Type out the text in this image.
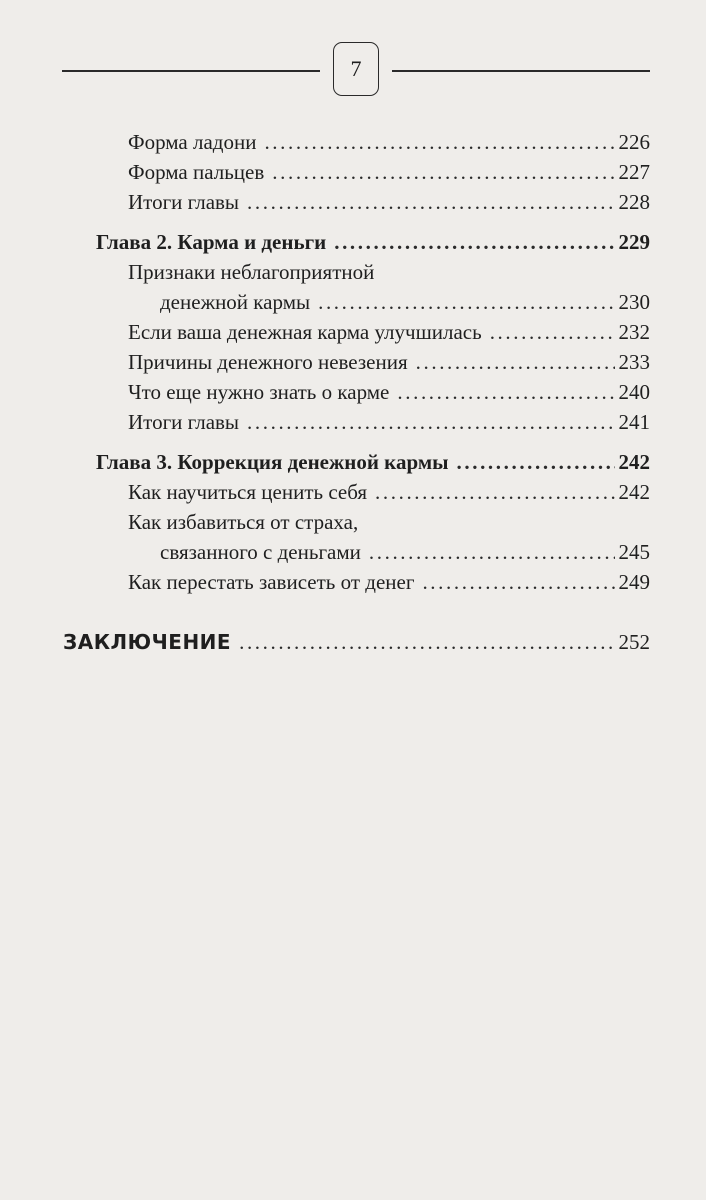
7
Форма ладони .....	226
Форма пальцев .....	227
Итоги главы .....	228
Глава 2. Карма и деньги .....	229
Признаки неблагоприятной
денежной кармы .....	230
Если ваша денежная карма улучшилась .....	232
Причины денежного невезения .....	233
Что еще нужно знать о карме .....	240
Итоги главы .....	241
Глава 3. Коррекция денежной кармы .....	242
Как научиться ценить себя .....	242
Как избавиться от страха,
связанного с деньгами .....	245
Как перестать зависеть от денег .....	249
ЗАКЛЮЧЕНИЕ .....	252
